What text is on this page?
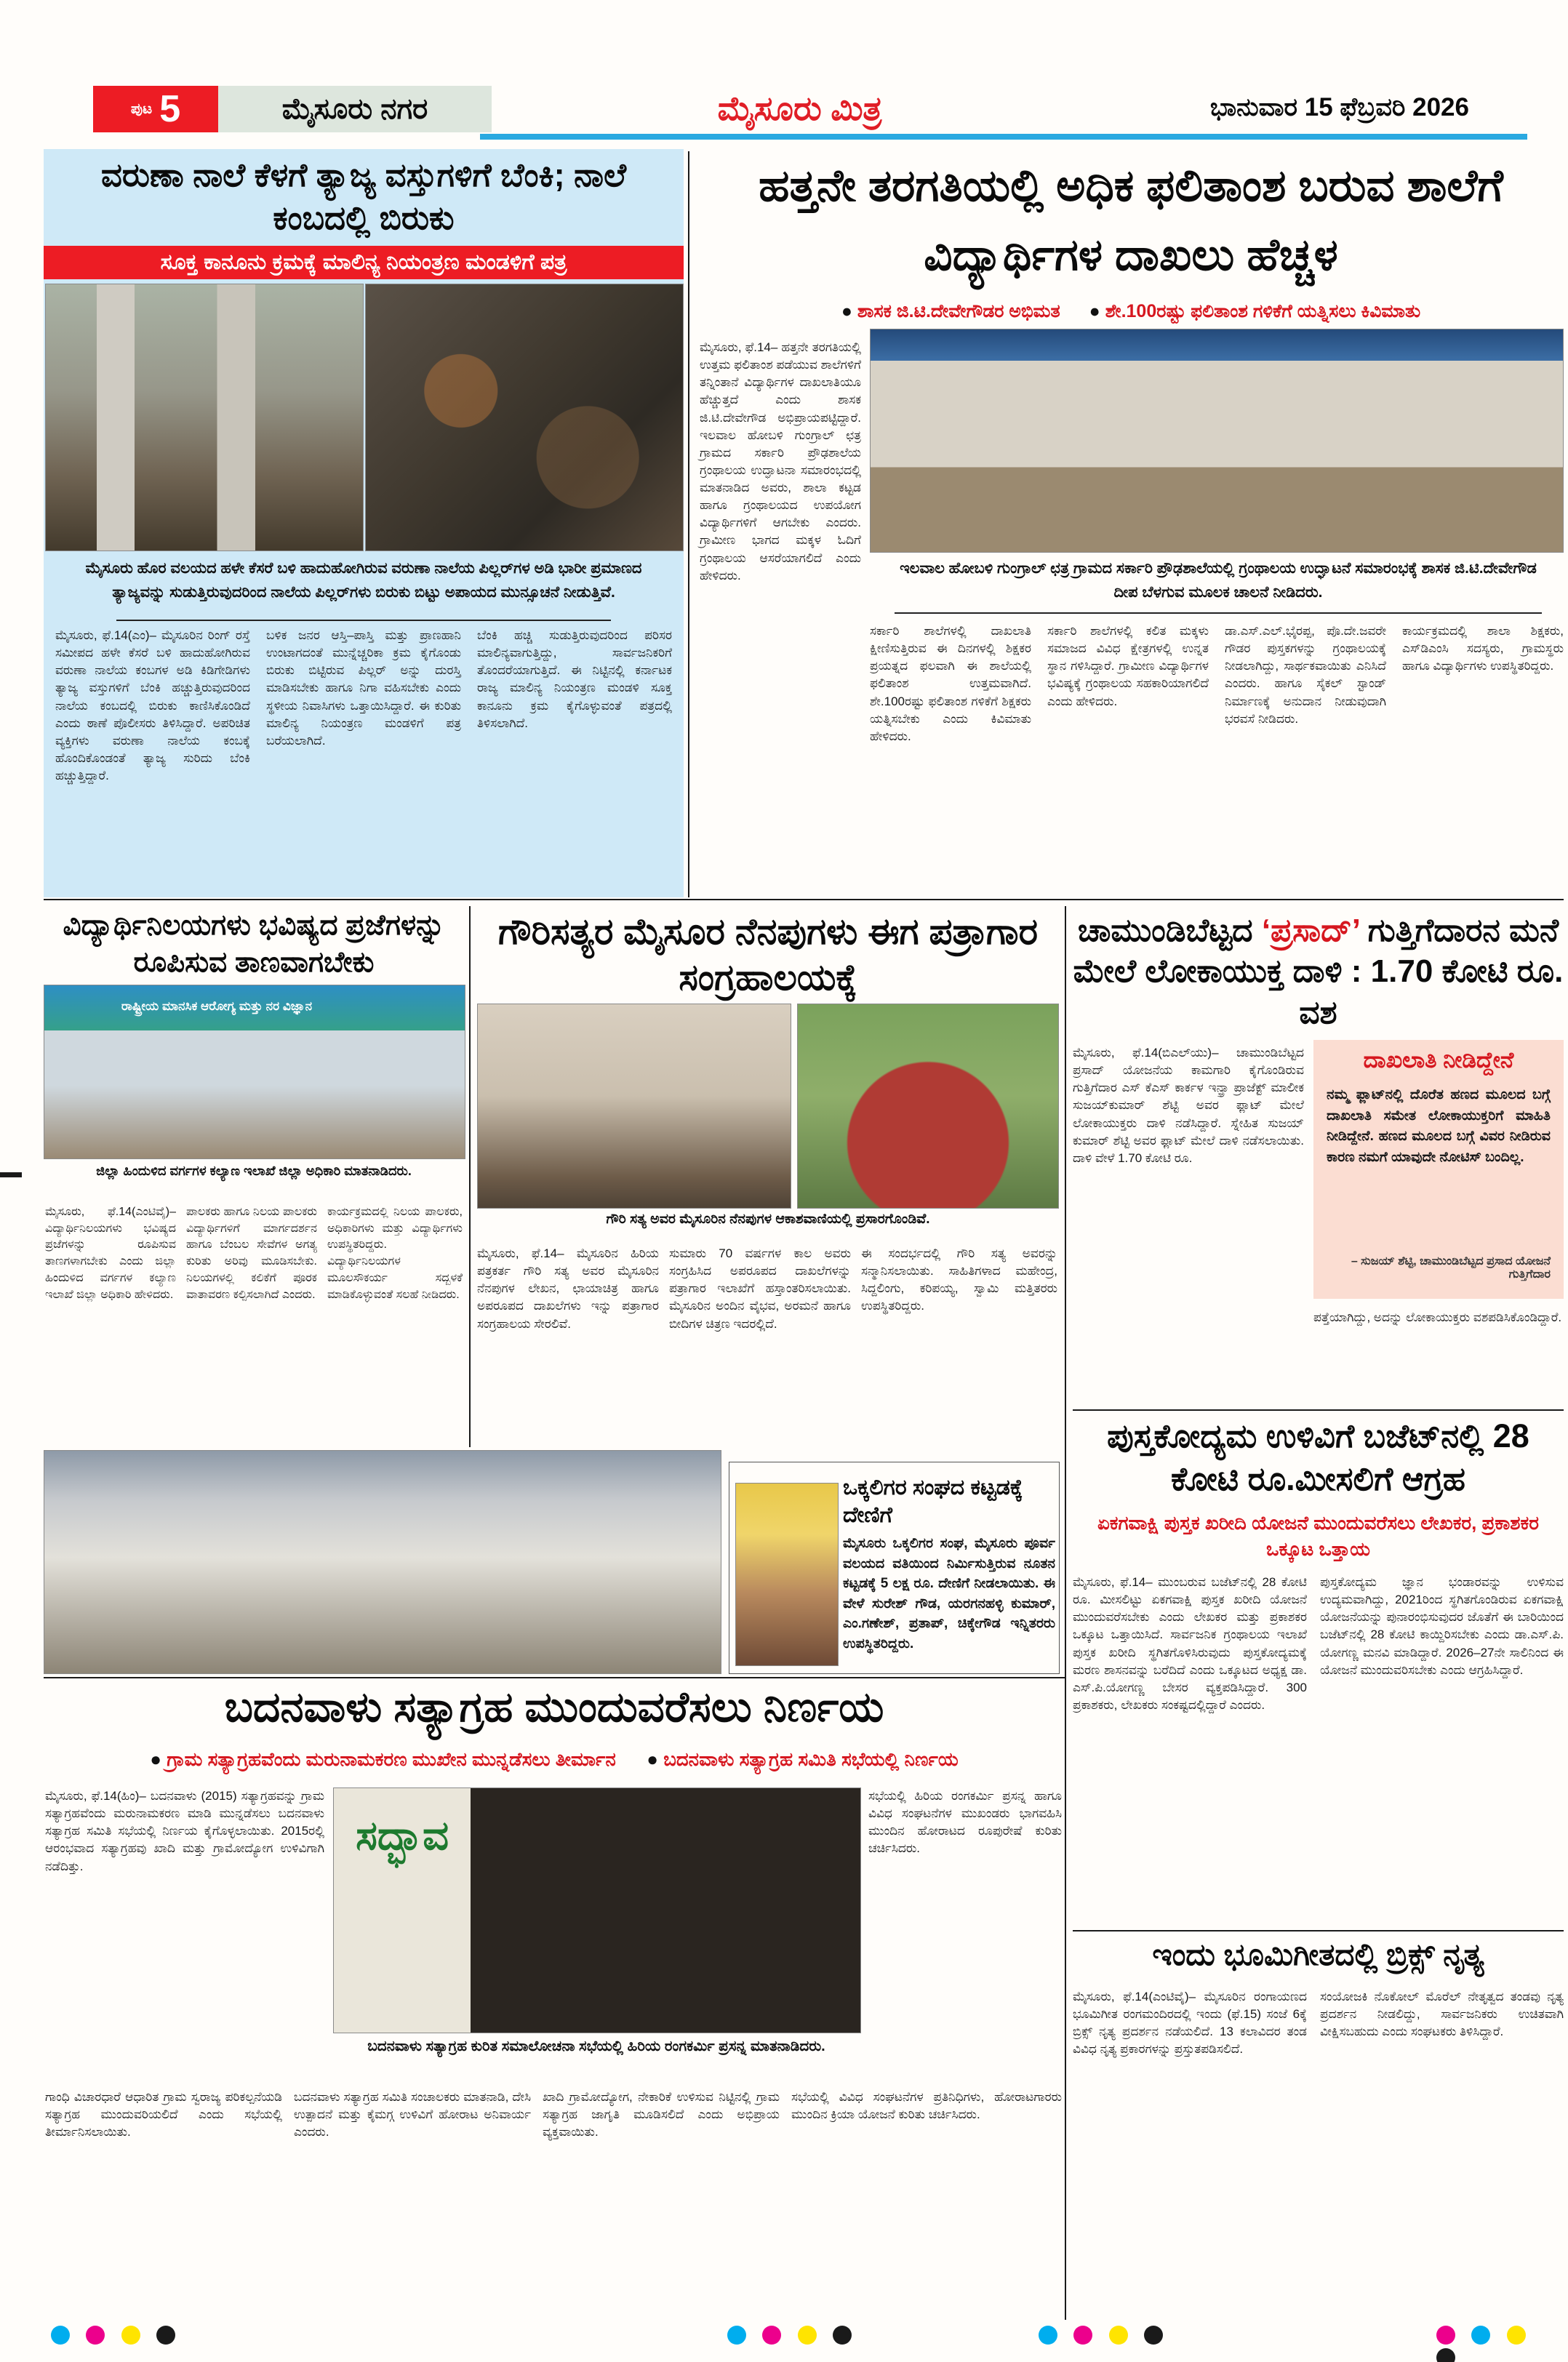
ಪುಟ 5	ಮೈಸೂರು ನಗರ	ಮೈಸೂರು ಮಿತ್ರ	ಭಾನುವಾರ 15 ಫೆಬ್ರವರಿ 2026
ವರುಣಾ ನಾಲೆ ಕೆಳಗೆ ತ್ಯಾಜ್ಯ ವಸ್ತುಗಳಿಗೆ ಬೆಂಕಿ; ನಾಲೆ ಕಂಬದಲ್ಲಿ ಬಿರುಕು
ಸೂಕ್ತ ಕಾನೂನು ಕ್ರಮಕ್ಕೆ ಮಾಲಿನ್ಯ ನಿಯಂತ್ರಣ ಮಂಡಳಿಗೆ ಪತ್ರ
ಮೈಸೂರು ಹೊರ ವಲಯದ ಹಳೇ ಕೆಸರೆ ಬಳಿ ಹಾದುಹೋಗಿರುವ ವರುಣಾ ನಾಲೆಯ ಪಿಲ್ಲರ್‌ಗಳ ಅಡಿ ಭಾರೀ ಪ್ರಮಾಣದ ತ್ಯಾಜ್ಯವನ್ನು ಸುಡುತ್ತಿರುವುದರಿಂದ ನಾಲೆಯ ಪಿಲ್ಲರ್‌ಗಳು ಬಿರುಕು ಬಿಟ್ಟು ಅಪಾಯದ ಮುನ್ಸೂಚನೆ ನೀಡುತ್ತಿವೆ.
ಮೈಸೂರು, ಫೆ.14(ಎಂ)– ಮೈಸೂರಿನ ರಿಂಗ್ ರಸ್ತೆ ಸಮೀಪದ ಹಳೇ ಕೆಸರೆ ಬಳಿ ಹಾದುಹೋಗಿರುವ ವರುಣಾ ನಾಲೆಯ ಕಂಬಗಳ ಅಡಿ ಕಿಡಿಗೇಡಿಗಳು ತ್ಯಾಜ್ಯ ವಸ್ತುಗಳಿಗೆ ಬೆಂಕಿ ಹಚ್ಚುತ್ತಿರುವುದರಿಂದ ನಾಲೆಯ ಕಂಬದಲ್ಲಿ ಬಿರುಕು ಕಾಣಿಸಿಕೊಂಡಿದೆ ಎಂದು ಠಾಣೆ ಪೊಲೀಸರು ತಿಳಿಸಿದ್ದಾರೆ. ಅಪರಿಚಿತ ವ್ಯಕ್ತಿಗಳು ವರುಣಾ ನಾಲೆಯ ಕಂಬಕ್ಕೆ ಹೊಂದಿಕೊಂಡಂತೆ ತ್ಯಾಜ್ಯ ಸುರಿದು ಬೆಂಕಿ ಹಚ್ಚುತ್ತಿದ್ದಾರೆ.
ಬಳಿಕ ಜನರ ಆಸ್ತಿ–ಪಾಸ್ತಿ ಮತ್ತು ಪ್ರಾಣಹಾನಿ ಉಂಟಾಗದಂತೆ ಮುನ್ನೆಚ್ಚರಿಕಾ ಕ್ರಮ ಕೈಗೊಂಡು ಬಿರುಕು ಬಿಟ್ಟಿರುವ ಪಿಲ್ಲರ್ ಅನ್ನು ದುರಸ್ತಿ ಮಾಡಿಸಬೇಕು ಹಾಗೂ ನಿಗಾ ವಹಿಸಬೇಕು ಎಂದು ಸ್ಥಳೀಯ ನಿವಾಸಿಗಳು ಒತ್ತಾಯಿಸಿದ್ದಾರೆ. ಈ ಕುರಿತು ಮಾಲಿನ್ಯ ನಿಯಂತ್ರಣ ಮಂಡಳಿಗೆ ಪತ್ರ ಬರೆಯಲಾಗಿದೆ.
ಬೆಂಕಿ ಹಚ್ಚಿ ಸುಡುತ್ತಿರುವುದರಿಂದ ಪರಿಸರ ಮಾಲಿನ್ಯವಾಗುತ್ತಿದ್ದು, ಸಾರ್ವಜನಿಕರಿಗೆ ತೊಂದರೆಯಾಗುತ್ತಿದೆ. ಈ ನಿಟ್ಟಿನಲ್ಲಿ ಕರ್ನಾಟಕ ರಾಜ್ಯ ಮಾಲಿನ್ಯ ನಿಯಂತ್ರಣ ಮಂಡಳಿ ಸೂಕ್ತ ಕಾನೂನು ಕ್ರಮ ಕೈಗೊಳ್ಳುವಂತೆ ಪತ್ರದಲ್ಲಿ ತಿಳಿಸಲಾಗಿದೆ.
ಹತ್ತನೇ ತರಗತಿಯಲ್ಲಿ ಅಧಿಕ ಫಲಿತಾಂಶ ಬರುವ ಶಾಲೆಗೆ ವಿದ್ಯಾರ್ಥಿಗಳ ದಾಖಲು ಹೆಚ್ಚಳ
● ಶಾಸಕ ಜಿ.ಟಿ.ದೇವೇಗೌಡರ ಅಭಿಮತ ● ಶೇ.100ರಷ್ಟು ಫಲಿತಾಂಶ ಗಳಿಕೆಗೆ ಯತ್ನಿಸಲು ಕಿವಿಮಾತು
ಮೈಸೂರು, ಫೆ.14– ಹತ್ತನೇ ತರಗತಿಯಲ್ಲಿ ಉತ್ತಮ ಫಲಿತಾಂಶ ಪಡೆಯುವ ಶಾಲೆಗಳಿಗೆ ತನ್ನಿಂತಾನೆ ವಿದ್ಯಾರ್ಥಿಗಳ ದಾಖಲಾತಿಯೂ ಹೆಚ್ಚುತ್ತದೆ ಎಂದು ಶಾಸಕ ಜಿ.ಟಿ.ದೇವೇಗೌಡ ಅಭಿಪ್ರಾಯಪಟ್ಟಿದ್ದಾರೆ. ಇಲವಾಲ ಹೋಬಳಿ ಗುಂಗ್ರಾಲ್ ಛತ್ರ ಗ್ರಾಮದ ಸರ್ಕಾರಿ ಪ್ರೌಢಶಾಲೆಯ ಗ್ರಂಥಾಲಯ ಉದ್ಘಾಟನಾ ಸಮಾರಂಭದಲ್ಲಿ ಮಾತನಾಡಿದ ಅವರು, ಶಾಲಾ ಕಟ್ಟಡ ಹಾಗೂ ಗ್ರಂಥಾಲಯದ ಉಪಯೋಗ ವಿದ್ಯಾರ್ಥಿಗಳಿಗೆ ಆಗಬೇಕು ಎಂದರು. ಗ್ರಾಮೀಣ ಭಾಗದ ಮಕ್ಕಳ ಓದಿಗೆ ಗ್ರಂಥಾಲಯ ಆಸರೆಯಾಗಲಿದೆ ಎಂದು ಹೇಳಿದರು.	ಇಲವಾಲ ಹೋಬಳಿ ಗುಂಗ್ರಾಲ್ ಛತ್ರ ಗ್ರಾಮದ ಸರ್ಕಾರಿ ಪ್ರೌಢಶಾಲೆಯಲ್ಲಿ ಗ್ರಂಥಾಲಯ ಉದ್ಘಾಟನೆ ಸಮಾರಂಭಕ್ಕೆ ಶಾಸಕ ಜಿ.ಟಿ.ದೇವೇಗೌಡ ದೀಪ ಬೆಳಗುವ ಮೂಲಕ ಚಾಲನೆ ನೀಡಿದರು.
ಸರ್ಕಾರಿ ಶಾಲೆಗಳಲ್ಲಿ ದಾಖಲಾತಿ ಕ್ಷೀಣಿಸುತ್ತಿರುವ ಈ ದಿನಗಳಲ್ಲಿ ಶಿಕ್ಷಕರ ಪ್ರಯತ್ನದ ಫಲವಾಗಿ ಈ ಶಾಲೆಯಲ್ಲಿ ಫಲಿತಾಂಶ ಉತ್ತಮವಾಗಿದೆ. ಶೇ.100ರಷ್ಟು ಫಲಿತಾಂಶ ಗಳಿಕೆಗೆ ಶಿಕ್ಷಕರು ಯತ್ನಿಸಬೇಕು ಎಂದು ಕಿವಿಮಾತು ಹೇಳಿದರು.
ಸರ್ಕಾರಿ ಶಾಲೆಗಳಲ್ಲಿ ಕಲಿತ ಮಕ್ಕಳು ಸಮಾಜದ ವಿವಿಧ ಕ್ಷೇತ್ರಗಳಲ್ಲಿ ಉನ್ನತ ಸ್ಥಾನ ಗಳಿಸಿದ್ದಾರೆ. ಗ್ರಾಮೀಣ ವಿದ್ಯಾರ್ಥಿಗಳ ಭವಿಷ್ಯಕ್ಕೆ ಗ್ರಂಥಾಲಯ ಸಹಕಾರಿಯಾಗಲಿದೆ ಎಂದು ಹೇಳಿದರು.
ಡಾ.ಎಸ್.ಎಲ್.ಭೈರಪ್ಪ, ಪೊ.ದೇ.ಜವರೇ ಗೌಡರ ಪುಸ್ತಕಗಳನ್ನು ಗ್ರಂಥಾಲಯಕ್ಕೆ ನೀಡಲಾಗಿದ್ದು, ಸಾರ್ಥಕವಾಯಿತು ಎನಿಸಿದೆ ಎಂದರು. ಹಾಗೂ ಸೈಕಲ್ ಸ್ಟಾಂಡ್ ನಿರ್ಮಾಣಕ್ಕೆ ಅನುದಾನ ನೀಡುವುದಾಗಿ ಭರವಸೆ ನೀಡಿದರು.
ಕಾರ್ಯಕ್ರಮದಲ್ಲಿ ಶಾಲಾ ಶಿಕ್ಷಕರು, ಎಸ್‌ಡಿಎಂಸಿ ಸದಸ್ಯರು, ಗ್ರಾಮಸ್ಥರು ಹಾಗೂ ವಿದ್ಯಾರ್ಥಿಗಳು ಉಪಸ್ಥಿತರಿದ್ದರು.
ವಿದ್ಯಾರ್ಥಿನಿಲಯಗಳು ಭವಿಷ್ಯದ ಪ್ರಜೆಗಳನ್ನು ರೂಪಿಸುವ ತಾಣವಾಗಬೇಕು
ರಾಷ್ಟ್ರೀಯ ಮಾನಸಿಕ ಆರೋಗ್ಯ ಮತ್ತು ನರ ವಿಜ್ಞಾನ
ಜಿಲ್ಲಾ ಹಿಂದುಳಿದ ವರ್ಗಗಳ ಕಲ್ಯಾಣ ಇಲಾಖೆ ಜಿಲ್ಲಾ ಅಧಿಕಾರಿ ಮಾತನಾಡಿದರು.
ಮೈಸೂರು, ಫೆ.14(ಎಂಟಿವೈ)– ವಿದ್ಯಾರ್ಥಿನಿಲಯಗಳು ಭವಿಷ್ಯದ ಪ್ರಜೆಗಳನ್ನು ರೂಪಿಸುವ ತಾಣಗಳಾಗಬೇಕು ಎಂದು ಜಿಲ್ಲಾ ಹಿಂದುಳಿದ ವರ್ಗಗಳ ಕಲ್ಯಾಣ ಇಲಾಖೆ ಜಿಲ್ಲಾ ಅಧಿಕಾರಿ ಹೇಳಿದರು.
ಪಾಲಕರು ಹಾಗೂ ನಿಲಯ ಪಾಲಕರು ವಿದ್ಯಾರ್ಥಿಗಳಿಗೆ ಮಾರ್ಗದರ್ಶನ ಹಾಗೂ ಬೆಂಬಲ ಸೇವೆಗಳ ಅಗತ್ಯ ಕುರಿತು ಅರಿವು ಮೂಡಿಸಬೇಕು. ನಿಲಯಗಳಲ್ಲಿ ಕಲಿಕೆಗೆ ಪೂರಕ ವಾತಾವರಣ ಕಲ್ಪಿಸಲಾಗಿದೆ ಎಂದರು.
ಕಾರ್ಯಕ್ರಮದಲ್ಲಿ ನಿಲಯ ಪಾಲಕರು, ಅಧಿಕಾರಿಗಳು ಮತ್ತು ವಿದ್ಯಾರ್ಥಿಗಳು ಉಪಸ್ಥಿತರಿದ್ದರು. ವಿದ್ಯಾರ್ಥಿನಿಲಯಗಳ ಮೂಲಸೌಕರ್ಯ ಸದ್ಬಳಕೆ ಮಾಡಿಕೊಳ್ಳುವಂತೆ ಸಲಹೆ ನೀಡಿದರು.
ಗೌರಿಸತ್ಯರ ಮೈಸೂರ ನೆನಪುಗಳು ಈಗ ಪತ್ರಾಗಾರ ಸಂಗ್ರಹಾಲಯಕ್ಕೆ
ಗೌರಿ ಸತ್ಯ ಅವರ ಮೈಸೂರಿನ ನೆನಪುಗಳ ಆಕಾಶವಾಣಿಯಲ್ಲಿ ಪ್ರಸಾರಗೊಂಡಿವೆ.
ಮೈಸೂರು, ಫೆ.14– ಮೈಸೂರಿನ ಹಿರಿಯ ಪತ್ರಕರ್ತ ಗೌರಿ ಸತ್ಯ ಅವರ ಮೈಸೂರಿನ ನೆನಪುಗಳ ಲೇಖನ, ಛಾಯಾಚಿತ್ರ ಹಾಗೂ ಅಪರೂಪದ ದಾಖಲೆಗಳು ಇನ್ನು ಪತ್ರಾಗಾರ ಸಂಗ್ರಹಾಲಯ ಸೇರಲಿವೆ.
ಸುಮಾರು 70 ವರ್ಷಗಳ ಕಾಲ ಅವರು ಸಂಗ್ರಹಿಸಿದ ಅಪರೂಪದ ದಾಖಲೆಗಳನ್ನು ಪತ್ರಾಗಾರ ಇಲಾಖೆಗೆ ಹಸ್ತಾಂತರಿಸಲಾಯಿತು. ಮೈಸೂರಿನ ಅಂದಿನ ವೈಭವ, ಅರಮನೆ ಹಾಗೂ ಬೀದಿಗಳ ಚಿತ್ರಣ ಇದರಲ್ಲಿದೆ.
ಈ ಸಂದರ್ಭದಲ್ಲಿ ಗೌರಿ ಸತ್ಯ ಅವರನ್ನು ಸನ್ಮಾನಿಸಲಾಯಿತು. ಸಾಹಿತಿಗಳಾದ ಮಹೇಂದ್ರ, ಸಿದ್ದಲಿಂಗು, ಕರಿಪಯ್ಯ, ಸ್ವಾಮಿ ಮತ್ತಿತರರು ಉಪಸ್ಥಿತರಿದ್ದರು.
ಒಕ್ಕಲಿಗರ ಸಂಘದ ಕಟ್ಟಡಕ್ಕೆ ದೇಣಿಗೆ
ಮೈಸೂರು ಒಕ್ಕಲಿಗರ ಸಂಘ, ಮೈಸೂರು ಪೂರ್ವ ವಲಯದ ವತಿಯಿಂದ ನಿರ್ಮಿಸುತ್ತಿರುವ ನೂತನ ಕಟ್ಟಡಕ್ಕೆ 5 ಲಕ್ಷ ರೂ. ದೇಣಿಗೆ ನೀಡಲಾಯಿತು. ಈ ವೇಳೆ ಸುರೇಶ್ ಗೌಡ, ಯರಗನಹಳ್ಳಿ ಕುಮಾರ್, ಎಂ.ಗಣೇಶ್, ಪ್ರತಾಪ್, ಚಿಕ್ಕೇಗೌಡ ಇನ್ನಿತರರು ಉಪಸ್ಥಿತರಿದ್ದರು.
ಚಾಮುಂಡಿಬೆಟ್ಟದ ‘ಪ್ರಸಾದ್’ ಗುತ್ತಿಗೆದಾರನ ಮನೆ ಮೇಲೆ ಲೋಕಾಯುಕ್ತ ದಾಳಿ : 1.70 ಕೋಟಿ ರೂ. ವಶ
ಮೈಸೂರು, ಫೆ.14(ಬಿಎಲ್‌ಯು)– ಚಾಮುಂಡಿಬೆಟ್ಟದ ಪ್ರಸಾದ್ ಯೋಜನೆಯ ಕಾಮಗಾರಿ ಕೈಗೊಂಡಿರುವ ಗುತ್ತಿಗೆದಾರ ಎಸ್ ಕೆಎಸ್ ಕಾರ್ಕಳ ಇನ್ಫ್ರಾ ಪ್ರಾಜೆಕ್ಟ್ ಮಾಲೀಕ ಸುಜಯ್‌ಕುಮಾರ್ ಶೆಟ್ಟಿ ಅವರ ಫ್ಲಾಟ್ ಮೇಲೆ ಲೋಕಾಯುಕ್ತರು ದಾಳಿ ನಡೆಸಿದ್ದಾರೆ. ಸ್ನೇಹಿತ ಸುಜಯ್ ಕುಮಾರ್ ಶೆಟ್ಟಿ ಅವರ ಫ್ಲಾಟ್ ಮೇಲೆ ದಾಳಿ ನಡೆಸಲಾಯಿತು. ದಾಳಿ ವೇಳೆ 1.70 ಕೋಟಿ ರೂ.
ದಾಖಲಾತಿ ನೀಡಿದ್ದೇನೆ
ನಮ್ಮ ಫ್ಲಾಟ್‌ನಲ್ಲಿ ದೊರೆತ ಹಣದ ಮೂಲದ ಬಗ್ಗೆ ದಾಖಲಾತಿ ಸಮೇತ ಲೋಕಾಯುಕ್ತರಿಗೆ ಮಾಹಿತಿ ನೀಡಿದ್ದೇನೆ. ಹಣದ ಮೂಲದ ಬಗ್ಗೆ ವಿವರ ನೀಡಿರುವ ಕಾರಣ ನಮಗೆ ಯಾವುದೇ ನೋಟಿಸ್ ಬಂದಿಲ್ಲ.
– ಸುಜಯ್ ಶೆಟ್ಟಿ, ಚಾಮುಂಡಿಬೆಟ್ಟದ ಪ್ರಸಾದ ಯೋಜನೆ ಗುತ್ತಿಗೆದಾರ
ಪತ್ತೆಯಾಗಿದ್ದು, ಅದನ್ನು ಲೋಕಾಯುಕ್ತರು ವಶಪಡಿಸಿಕೊಂಡಿದ್ದಾರೆ.
ಪುಸ್ತಕೋದ್ಯಮ ಉಳಿವಿಗೆ ಬಜೆಟ್‌ನಲ್ಲಿ 28 ಕೋಟಿ ರೂ.ಮೀಸಲಿಗೆ ಆಗ್ರಹ
ಏಕಗವಾಕ್ಷಿ ಪುಸ್ತಕ ಖರೀದಿ ಯೋಜನೆ ಮುಂದುವರೆಸಲು ಲೇಖಕರ, ಪ್ರಕಾಶಕರ ಒಕ್ಕೂಟ ಒತ್ತಾಯ
ಮೈಸೂರು, ಫೆ.14– ಮುಂಬರುವ ಬಜೆಟ್‌ನಲ್ಲಿ 28 ಕೋಟಿ ರೂ. ಮೀಸಲಿಟ್ಟು ಏಕಗವಾಕ್ಷಿ ಪುಸ್ತಕ ಖರೀದಿ ಯೋಜನೆ ಮುಂದುವರೆಸಬೇಕು ಎಂದು ಲೇಖಕರ ಮತ್ತು ಪ್ರಕಾಶಕರ ಒಕ್ಕೂಟ ಒತ್ತಾಯಿಸಿದೆ. ಸಾರ್ವಜನಿಕ ಗ್ರಂಥಾಲಯ ಇಲಾಖೆ ಪುಸ್ತಕ ಖರೀದಿ ಸ್ಥಗಿತಗೊಳಿಸಿರುವುದು ಪುಸ್ತಕೋದ್ಯಮಕ್ಕೆ ಮರಣ ಶಾಸನವನ್ನು ಬರೆದಿದೆ ಎಂದು ಒಕ್ಕೂಟದ ಅಧ್ಯಕ್ಷ ಡಾ. ಎಸ್.ಪಿ.ಯೋಗಣ್ಣ ಬೇಸರ ವ್ಯಕ್ತಪಡಿಸಿದ್ದಾರೆ. 300 ಪ್ರಕಾಶಕರು, ಲೇಖಕರು ಸಂಕಷ್ಟದಲ್ಲಿದ್ದಾರೆ ಎಂದರು.
ಪುಸ್ತಕೋದ್ಯಮ ಜ್ಞಾನ ಭಂಡಾರವನ್ನು ಉಳಿಸುವ ಉದ್ಯಮವಾಗಿದ್ದು, 2021ರಿಂದ ಸ್ಥಗಿತಗೊಂಡಿರುವ ಏಕಗವಾಕ್ಷಿ ಯೋಜನೆಯನ್ನು ಪುನಾರಂಭಿಸುವುದರ ಜೊತೆಗೆ ಈ ಬಾರಿಯಿಂದ ಬಜೆಟ್‌ನಲ್ಲಿ 28 ಕೋಟಿ ಕಾಯ್ದಿರಿಸಬೇಕು ಎಂದು ಡಾ.ಎಸ್.ಪಿ. ಯೋಗಣ್ಣ ಮನವಿ ಮಾಡಿದ್ದಾರೆ. 2026–27ನೇ ಸಾಲಿನಿಂದ ಈ ಯೋಜನೆ ಮುಂದುವರಿಸಬೇಕು ಎಂದು ಆಗ್ರಹಿಸಿದ್ದಾರೆ.
ಇಂದು ಭೂಮಿಗೀತದಲ್ಲಿ ಬ್ರಿಕ್ಸ್ ನೃತ್ಯ
ಮೈಸೂರು, ಫೆ.14(ಎಂಟಿವೈ)– ಮೈಸೂರಿನ ರಂಗಾಯಣದ ಭೂಮಿಗೀತ ರಂಗಮಂದಿರದಲ್ಲಿ ಇಂದು (ಫೆ.15) ಸಂಜೆ 6ಕ್ಕೆ ಬ್ರಿಕ್ಸ್ ನೃತ್ಯ ಪ್ರದರ್ಶನ ನಡೆಯಲಿದೆ. 13 ಕಲಾವಿದರ ತಂಡ ವಿವಿಧ ನೃತ್ಯ ಪ್ರಕಾರಗಳನ್ನು ಪ್ರಸ್ತುತಪಡಿಸಲಿದೆ.
ಸಂಯೋಜಕಿ ನೊಕೋಲ್ ಮೊರೆಲ್ ನೇತೃತ್ವದ ತಂಡವು ನೃತ್ಯ ಪ್ರದರ್ಶನ ನೀಡಲಿದ್ದು, ಸಾರ್ವಜನಿಕರು ಉಚಿತವಾಗಿ ವೀಕ್ಷಿಸಬಹುದು ಎಂದು ಸಂಘಟಕರು ತಿಳಿಸಿದ್ದಾರೆ.
ಬದನವಾಳು ಸತ್ಯಾಗ್ರಹ ಮುಂದುವರೆಸಲು ನಿರ್ಣಯ
● ಗ್ರಾಮ ಸತ್ಯಾಗ್ರಹವೆಂದು ಮರುನಾಮಕರಣ ಮುಖೇನ ಮುನ್ನಡೆಸಲು ತೀರ್ಮಾನ ● ಬದನವಾಳು ಸತ್ಯಾಗ್ರಹ ಸಮಿತಿ ಸಭೆಯಲ್ಲಿ ನಿರ್ಣಯ
ಮೈಸೂರು, ಫೆ.14(ಹಿಂ)– ಬದನವಾಳು (2015) ಸತ್ಯಾಗ್ರಹವನ್ನು ಗ್ರಾಮ ಸತ್ಯಾಗ್ರಹವೆಂದು ಮರುನಾಮಕರಣ ಮಾಡಿ ಮುನ್ನಡೆಸಲು ಬದನವಾಳು ಸತ್ಯಾಗ್ರಹ ಸಮಿತಿ ಸಭೆಯಲ್ಲಿ ನಿರ್ಣಯ ಕೈಗೊಳ್ಳಲಾಯಿತು. 2015ರಲ್ಲಿ ಆರಂಭವಾದ ಸತ್ಯಾಗ್ರಹವು ಖಾದಿ ಮತ್ತು ಗ್ರಾಮೋದ್ಯೋಗ ಉಳಿವಿಗಾಗಿ ನಡೆದಿತ್ತು.
ಸದ್ಭಾವ
ಸಭೆಯಲ್ಲಿ ಹಿರಿಯ ರಂಗಕರ್ಮಿ ಪ್ರಸನ್ನ ಹಾಗೂ ವಿವಿಧ ಸಂಘಟನೆಗಳ ಮುಖಂಡರು ಭಾಗವಹಿಸಿ ಮುಂದಿನ ಹೋರಾಟದ ರೂಪುರೇಷೆ ಕುರಿತು ಚರ್ಚಿಸಿದರು.
ಬದನವಾಳು ಸತ್ಯಾಗ್ರಹ ಕುರಿತ ಸಮಾಲೋಚನಾ ಸಭೆಯಲ್ಲಿ ಹಿರಿಯ ರಂಗಕರ್ಮಿ ಪ್ರಸನ್ನ ಮಾತನಾಡಿದರು.
ಗಾಂಧಿ ವಿಚಾರಧಾರೆ ಆಧಾರಿತ ಗ್ರಾಮ ಸ್ವರಾಜ್ಯ ಪರಿಕಲ್ಪನೆಯಡಿ ಸತ್ಯಾಗ್ರಹ ಮುಂದುವರಿಯಲಿದೆ ಎಂದು ಸಭೆಯಲ್ಲಿ ತೀರ್ಮಾನಿಸಲಾಯಿತು.
ಬದನವಾಳು ಸತ್ಯಾಗ್ರಹ ಸಮಿತಿ ಸಂಚಾಲಕರು ಮಾತನಾಡಿ, ದೇಸಿ ಉತ್ಪಾದನೆ ಮತ್ತು ಕೈಮಗ್ಗ ಉಳಿವಿಗೆ ಹೋರಾಟ ಅನಿವಾರ್ಯ ಎಂದರು.
ಖಾದಿ ಗ್ರಾಮೋದ್ಯೋಗ, ನೇಕಾರಿಕೆ ಉಳಿಸುವ ನಿಟ್ಟಿನಲ್ಲಿ ಗ್ರಾಮ ಸತ್ಯಾಗ್ರಹ ಜಾಗೃತಿ ಮೂಡಿಸಲಿದೆ ಎಂದು ಅಭಿಪ್ರಾಯ ವ್ಯಕ್ತವಾಯಿತು.
ಸಭೆಯಲ್ಲಿ ವಿವಿಧ ಸಂಘಟನೆಗಳ ಪ್ರತಿನಿಧಿಗಳು, ಹೋರಾಟಗಾರರು ಮುಂದಿನ ಕ್ರಿಯಾ ಯೋಜನೆ ಕುರಿತು ಚರ್ಚಿಸಿದರು.
